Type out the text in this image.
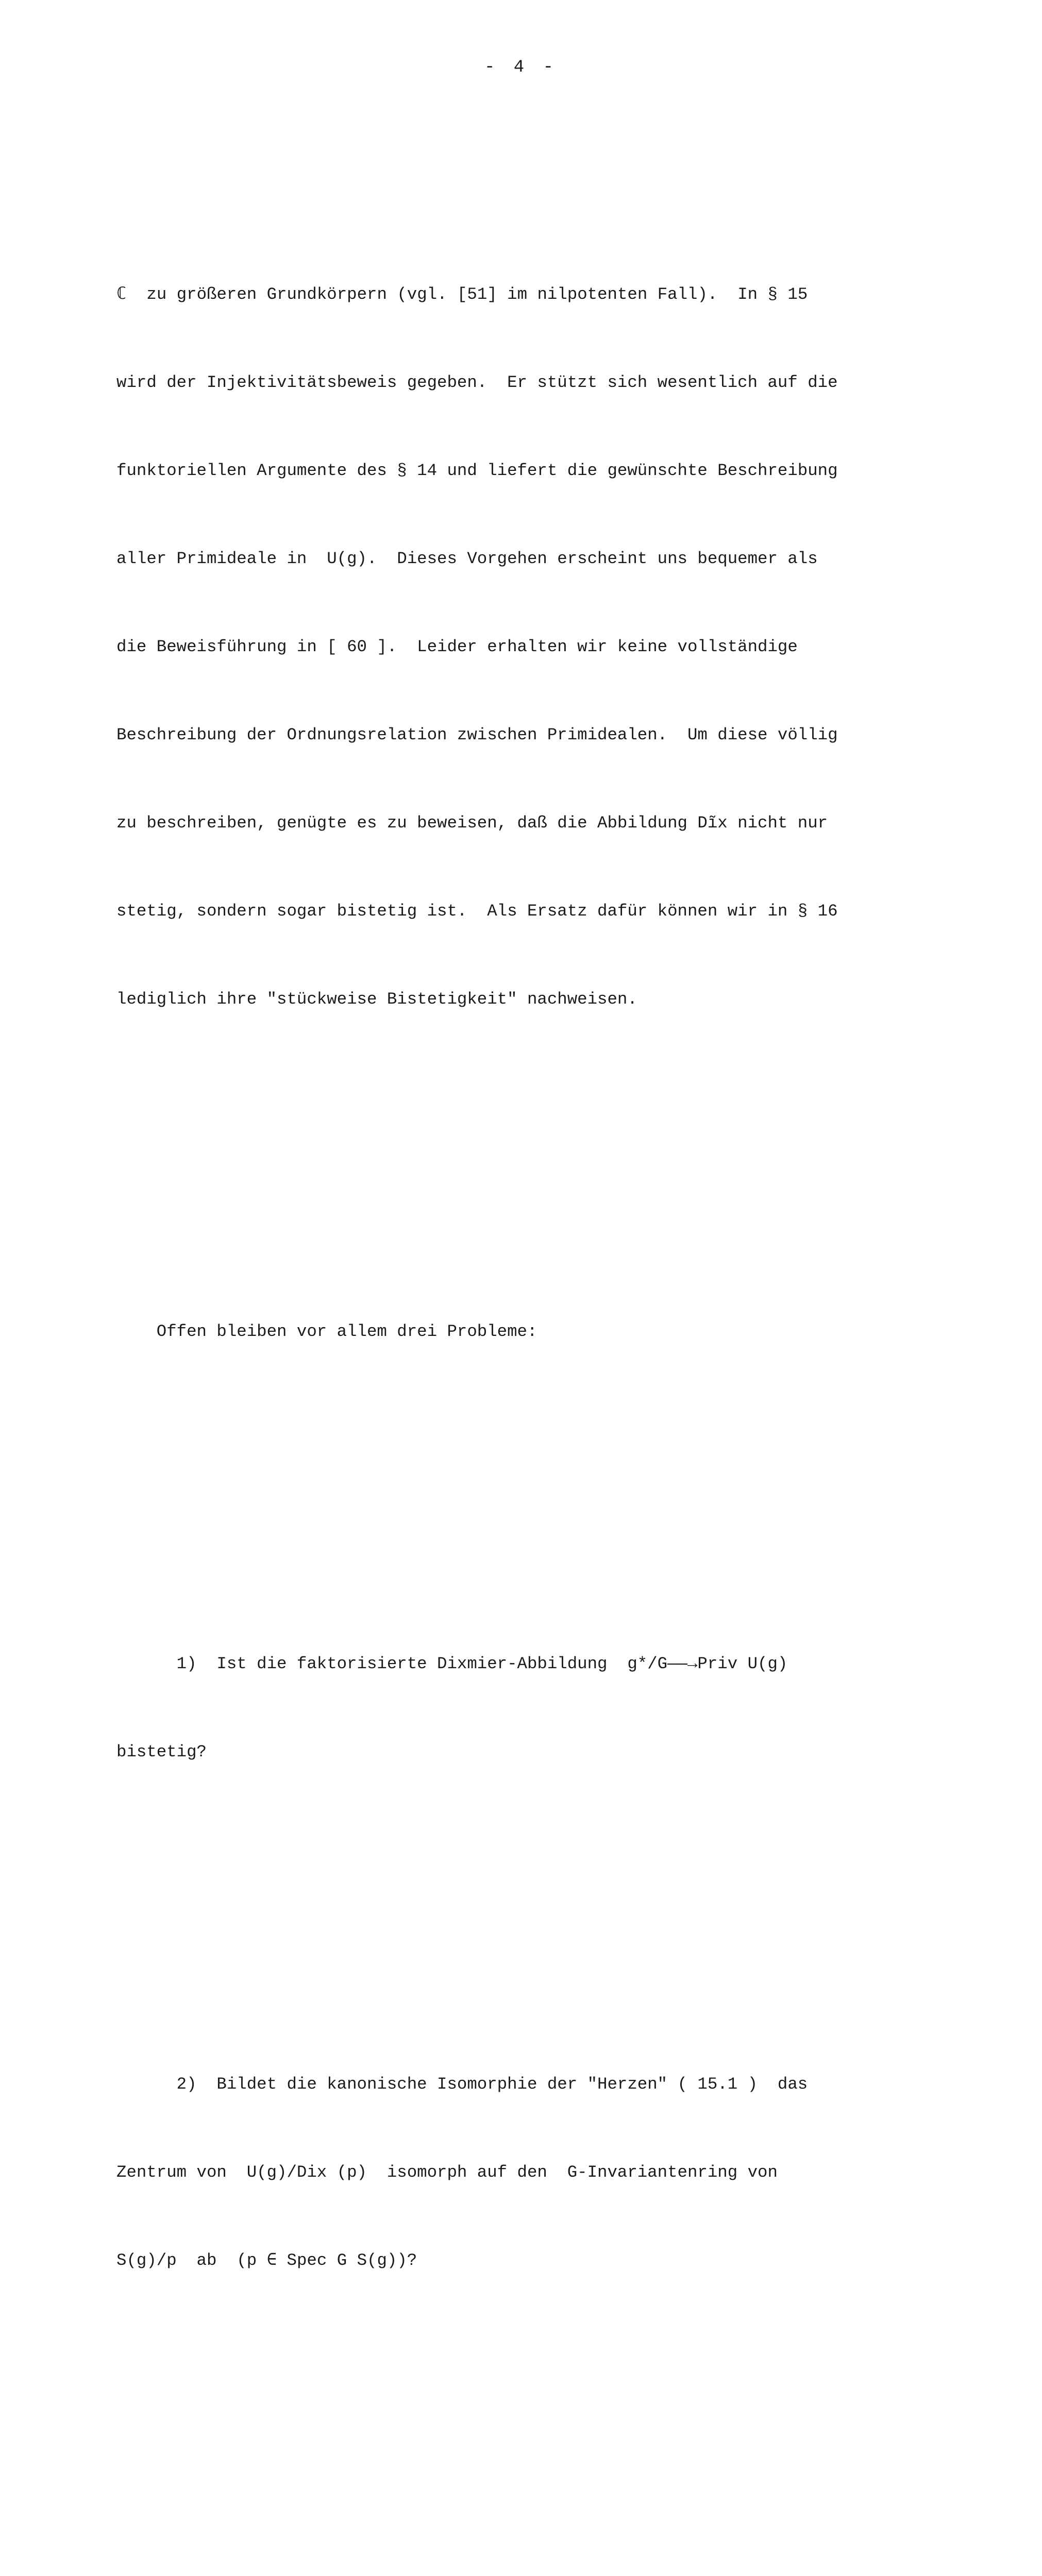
- 4 -

ℂ  zu größeren Grundkörpern (vgl. [51] im nilpotenten Fall).  In § 15

wird der Injektivitätsbeweis gegeben.  Er stützt sich wesentlich auf die

funktoriellen Argumente des § 14 und liefert die gewünschte Beschreibung

aller Primideale in  U(g).  Dieses Vorgehen erscheint uns bequemer als

die Beweisführung in [ 60 ].  Leider erhalten wir keine vollständige

Beschreibung der Ordnungsrelation zwischen Primidealen.  Um diese völlig

zu beschreiben, genügte es zu beweisen, daß die Abbildung Dĩx nicht nur

stetig, sondern sogar bistetig ist.  Als Ersatz dafür können wir in § 16

lediglich ihre "stückweise Bistetigkeit" nachweisen.

Offen bleiben vor allem drei Probleme:

1)  Ist die faktorisierte Dixmier-Abbildung  g*/G——→Priv U(g)

bistetig?

2)  Bildet die kanonische Isomorphie der "Herzen" ( 15.1 )  das

Zentrum von  U(g)/Dix (p)  isomorph auf den  G-Invariantenring von

S(g)/p  ab  (p ∈ Spec G S(g))?
